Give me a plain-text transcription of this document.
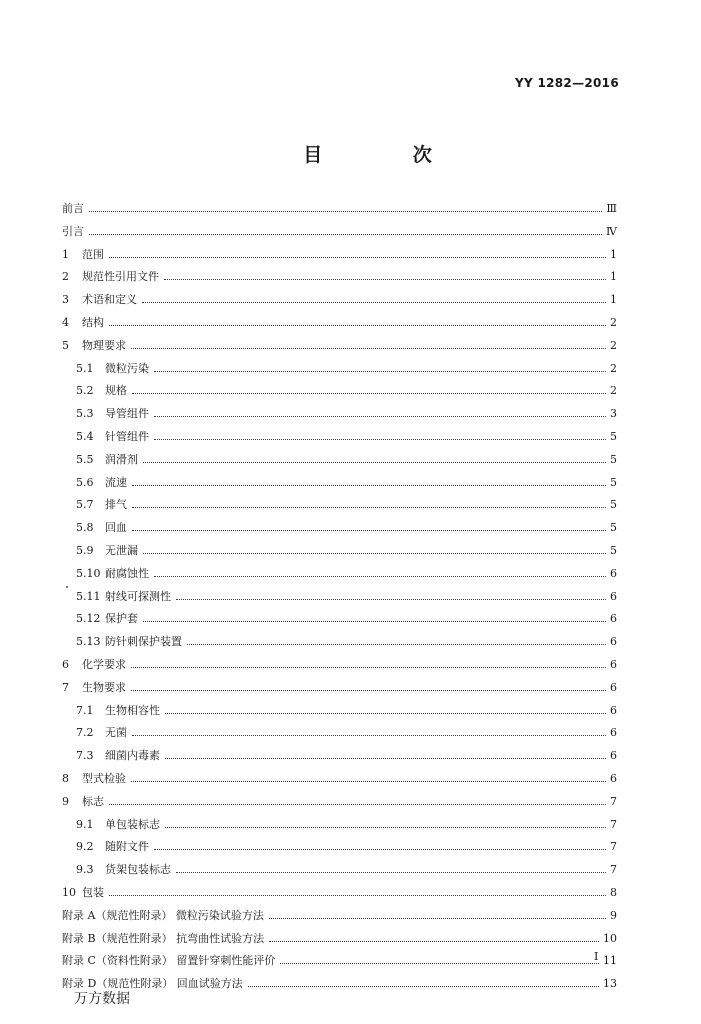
YY 1282—2016
目 次
前言	Ⅲ
引言	Ⅳ
1 范围	1
2 规范性引用文件	1
3 术语和定义	1
4 结构	2
5 物理要求	2
5.1 微粒污染	2
5.2 规格	2
5.3 导管组件	3
5.4 针管组件	5
5.5 润滑剂	5
5.6 流速	5
5.7 排气	5
5.8 回血	5
5.9 无泄漏	5
5.10 耐腐蚀性	6
5.11 射线可探测性	6
5.12 保护套	6
5.13 防针刺保护装置	6
6 化学要求	6
7 生物要求	6
7.1 生物相容性	6
7.2 无菌	6
7.3 细菌内毒素	6
8 型式检验	6
9 标志	7
9.1 单包装标志	7
9.2 随附文件	7
9.3 货架包装标志	7
10 包装	8
附录 A（规范性附录） 微粒污染试验方法	9
附录 B（规范性附录） 抗弯曲性试验方法	10
附录 C（资料性附录） 留置针穿刺性能评价	11
附录 D（规范性附录） 回血试验方法	13
I
万方数据
